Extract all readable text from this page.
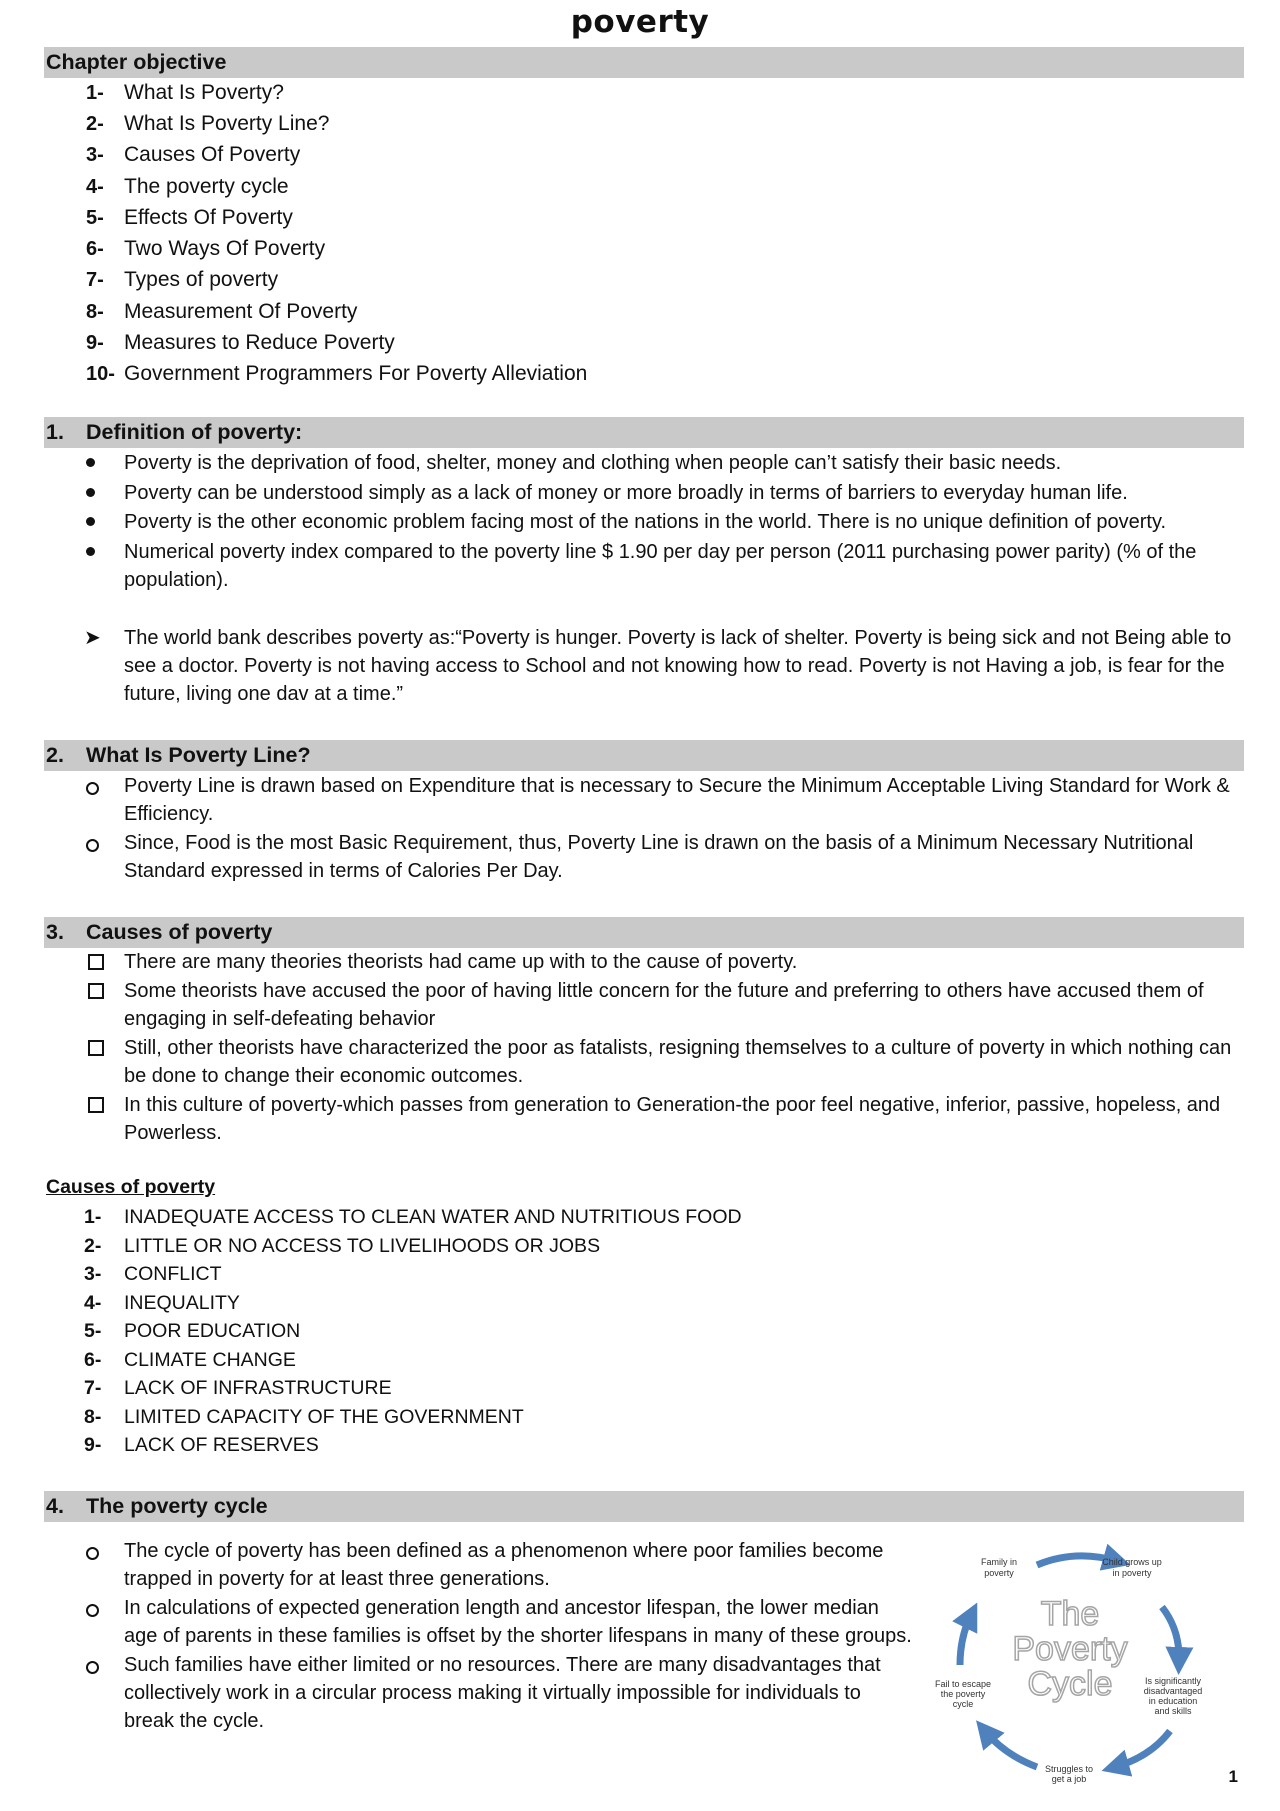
poverty
Chapter objective
1- What Is Poverty?
2- What Is Poverty Line?
3- Causes Of Poverty
4- The poverty cycle
5- Effects Of Poverty
6- Two Ways Of Poverty
7- Types of poverty
8- Measurement Of Poverty
9- Measures to Reduce Poverty
10- Government Programmers For Poverty Alleviation
1. Definition of poverty:
Poverty is the deprivation of food, shelter, money and clothing when people can’t satisfy their basic needs.
Poverty can be understood simply as a lack of money or more broadly in terms of barriers to everyday human life.
Poverty is the other economic problem facing most of the nations in the world. There is no unique definition of poverty.
Numerical poverty index compared to the poverty line $ 1.90 per day per person (2011 purchasing power parity) (% of the
population).
➤ The world bank describes poverty as:“Poverty is hunger. Poverty is lack of shelter. Poverty is being sick and not Being able to
see a doctor. Poverty is not having access to School and not knowing how to read. Poverty is not Having a job, is fear for the
future, living one dav at a time.”
2. What Is Poverty Line?
Poverty Line is drawn based on Expenditure that is necessary to Secure the Minimum Acceptable Living Standard for Work &
Efficiency.
Since, Food is the most Basic Requirement, thus, Poverty Line is drawn on the basis of a Minimum Necessary Nutritional
Standard expressed in terms of Calories Per Day.
3. Causes of poverty
There are many theories theorists had came up with to the cause of poverty.
Some theorists have accused the poor of having little concern for the future and preferring to others have accused them of
engaging in self-defeating behavior
Still, other theorists have characterized the poor as fatalists, resigning themselves to a culture of poverty in which nothing can
be done to change their economic outcomes.
In this culture of poverty-which passes from generation to Generation-the poor feel negative, inferior, passive, hopeless, and
Powerless.
Causes of poverty
1- INADEQUATE ACCESS TO CLEAN WATER AND NUTRITIOUS FOOD
2- LITTLE OR NO ACCESS TO LIVELIHOODS OR JOBS
3- CONFLICT
4- INEQUALITY
5- POOR EDUCATION
6- CLIMATE CHANGE
7- LACK OF INFRASTRUCTURE
8- LIMITED CAPACITY OF THE GOVERNMENT
9- LACK OF RESERVES
4. The poverty cycle
The cycle of poverty has been defined as a phenomenon where poor families become
trapped in poverty for at least three generations.
In calculations of expected generation length and ancestor lifespan, the lower median
age of parents in these families is offset by the shorter lifespans in many of these groups.
Such families have either limited or no resources. There are many disadvantages that
collectively work in a circular process making it virtually impossible for individuals to
break the cycle.
The
Poverty
Cycle
Family in
poverty
Child grows up
in poverty
Is significantly
disadvantaged
in education
and skills
Struggles to
get a job
Fail to escape
the poverty
cycle
1
